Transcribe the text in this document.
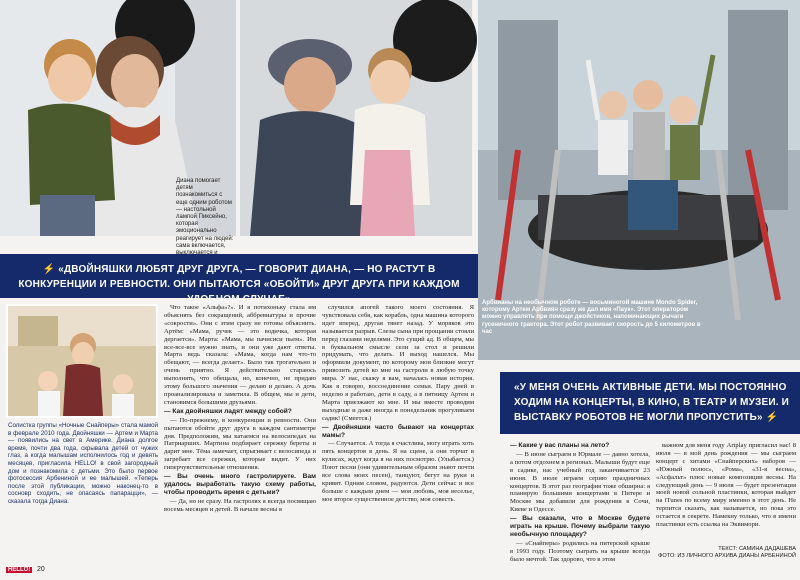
Диана помогает детям познакомиться с еще одним роботом — настольной лампой Пиксейно, которая эмоционально реагирует на людей: сама включается,
Арбвианы на необычном роботе — восьминогой машине Mondo Spider, которому Артем Арбвиян сразу же дал имя «Паук». Этот оператором можно управлять при помощи джойстиков, напоминающих рычаги гусеничного трактора. Этот робот развивает скорость до 5 километров в час
⚡ «ДВОЙНЯШКИ ЛЮБЯТ ДРУГ ДРУГА, — ГОВОРИТ ДИАНА, — НО РАСТУТ В КОНКУРЕНЦИИ И РЕВНОСТИ. ОНИ ПЫТАЮТСЯ «ОБОЙТИ» ДРУГ ДРУГА ПРИ КАЖДОМ УДОБНОМ СЛУЧАЕ»
Солистка группы «Ночные Снайперы» стала мамой в феврале 2010 года. Двойняшки — Артем и Марта — появились на свет в Америке. Диана долгое время, почти два года, скрывала детей от чужих глаз, а когда малышам исполнилось год и девять месяцев, пригласила HELLO! в свой загородный дом и познакомила с детьми. Это было первое фотосессия Арбениной и ее малышей. «Теперь после этой публикации, можно наконец-то в сосновр сходить, не опасаясь папарацци», — сказала тогда Диана.

Что такое «Альфа»?». И я потихоньку стала им объяснять без сокращений, аббревиатуры и прочие «сокрости». Они с этим сразу не готовы объяснить. Артём: «Мама, ручек — это водичка, которая дергается». Марта: «Мама, мы пачисиси пьем». Им все-все-все нужно знать, и они уже дают ответы. Марта ведь сказала: «Мама, когда нам что-то обещают, — всегда делает». Было так трогательно и очень приятно. Я действительно стараюсь выполнять, что обещала, но, конечно, не придаю этому большого значения — делаю и делаю. А дочь проанализировала и заметила. В общем, мы и дети, становимся большими друзьями.

— Как двойняшки ладят между собой?

— По-прежнему, в конкуренции и ревности. Они пытаются обойти друг друга в каждом сантиметре дня. Предположим, мы катаемся на велосипедах на Патриарших. Мартина подбирает сережку береты и дарит мне. Тёма замечает, спрыгивает с велосипеда и загребает все сережки, которые видит. У них гиперчувствительные отношения.

— Вы очень много гастролируете. Вам удалось выработать такую схему работы, чтобы проводить время с детьми?

— Да, но не сразу. На гастролях я всегда посвящаю восемь месяцев и детей. В начале весны я

случился апогей такого моего состояния. Я чувствовала себя, как корабль, одна машина которого идет вперед, другая тянет назад. У моряков это называется разрыв. Слезы сына при прощании стояли перед глазами неделями. Это сущий ад. В общем, мы в буквальном смысле сели за стол и решили придумать, что делать. И выход нашелся. Мы оформили документ, по которому мои близкие могут привозить детей ко мне на гастроли в любую точку мира. У нас, скажу я вам, началась новая история. Как я говорю, воссоединение семьи. Пару дней в неделю я работаю, дети в саду, а в пятницу Артем и Марта приезжают ко мне. И мы вместе проводим выходные и даже иногда в понедельник прогуливаем садик! (Смеется.)

— Двойняшки часто бывают на концертах мамы?

— Случается. А тогда я счастлива, могу играть хоть пять концертов в день. Я на сцене, а они торчат в кулисах, ждут когда я на них посмотрю. (Улыбается.) Поют песни (они удивительным образом знают почти все слова моих песен), танцуют, бегут на руки и кривят. Одним словом, радуются. Дети сейчас и все больше с каждым днем — моя любовь, моя веселье, мое второе существенное детство, моя совесть.

«У МЕНЯ ОЧЕНЬ АКТИВНЫЕ ДЕТИ. МЫ ПОСТОЯННО ХОДИМ НА КОНЦЕРТЫ, В КИНО, В ТЕАТР И МУЗЕИ. И ВЫСТАВКУ РОБОТОВ НЕ МОГЛИ ПРОПУСТИТЬ» ⚡

— Какие у вас планы на лето?

— В июне сыграем в Юрмале — давно хотела, а потом отдохнем в регионах. Малыши будут еще в садике, нас учебный год заканчивается 23 июня. В июле играем серию праздничных концертов. В этот раз география тоже обширна: я планирую большими концертами в Питере и Москве мы добавили для рождения в Сочи, Киеве и Одессе.

— Вы сказали, что в Москве будете играть на крыше. Почему выбрали такую необычную площадку?

— «Снайперы» родились на питерской крыше в 1993 году. Поэтому сыграть на крыше всегда было мечтой. Так здорово, что в этом

важном для меня году Artplay пригласил нас! 8 июля — в мой день рождения — мы сыграем концерт с хитами «Снайперских» наборов — «Южный полюс», «Рома», «31-я весна», «Асфальт» плюс новые композиции весны. На следующий день — 9 июля — будет презентация моей новой сольной пластинки, которая выйдет на iTunes по всему миру именно в этот день. Не терпится сказать, как называется, но пока это остается в секрете. Намекну только, что в имени пластинки есть ссылка на Эквимори.

ТЕКСТ: САМИНА ДАДАШЕВА
ФОТО: ИЗ ЛИЧНОГО АРХИВА ДИАНЫ АРБЕНИНОЙ
HELLO! 20
